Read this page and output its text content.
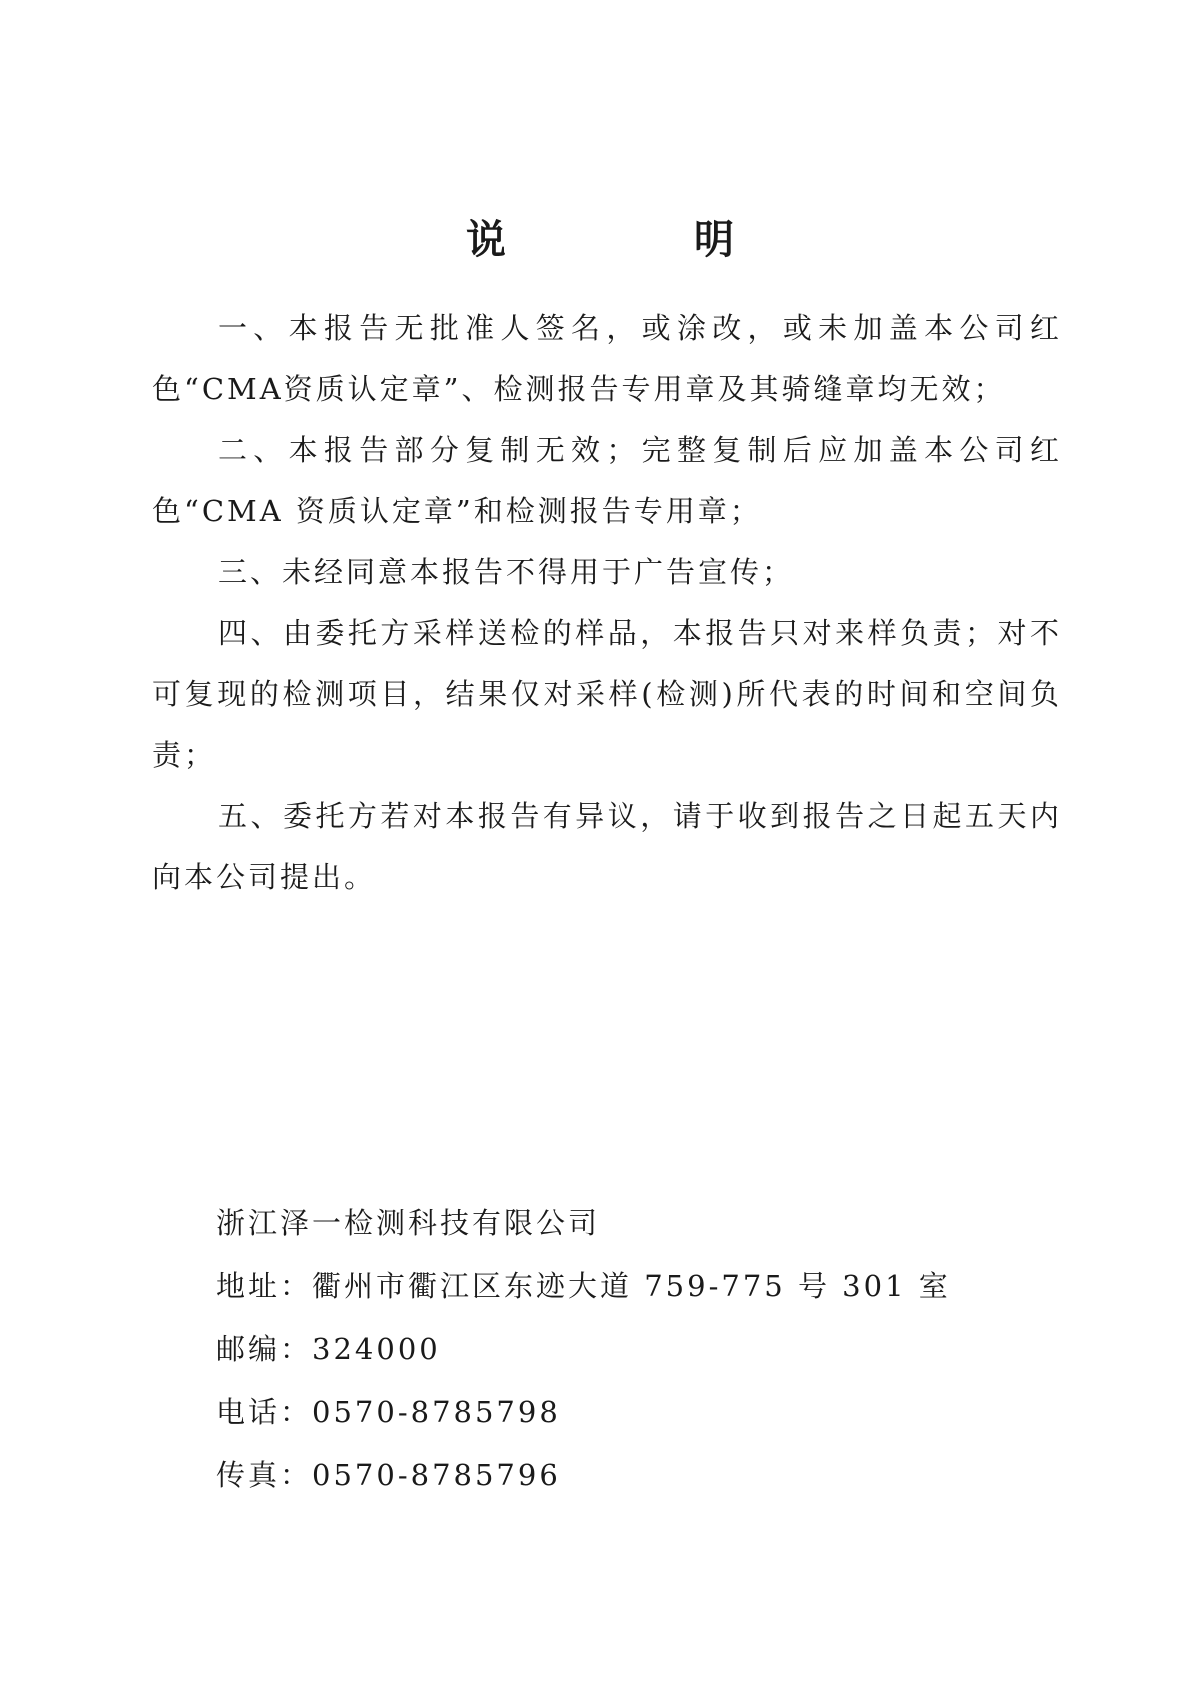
说　明

一、本报告无批准人签名，或涂改，或未加盖本公司红色“CMA资质认定章”、检测报告专用章及其骑缝章均无效；

二、本报告部分复制无效；完整复制后应加盖本公司红色“CMA 资质认定章”和检测报告专用章；

三、未经同意本报告不得用于广告宣传；

四、由委托方采样送检的样品，本报告只对来样负责；对不可复现的检测项目，结果仅对采样(检测)所代表的时间和空间负责；

五、委托方若对本报告有异议，请于收到报告之日起五天内向本公司提出。

浙江泽一检测科技有限公司

地址：衢州市衢江区东迹大道 759-775 号 301 室

邮编：324000

电话：0570-8785798

传真：0570-8785796
